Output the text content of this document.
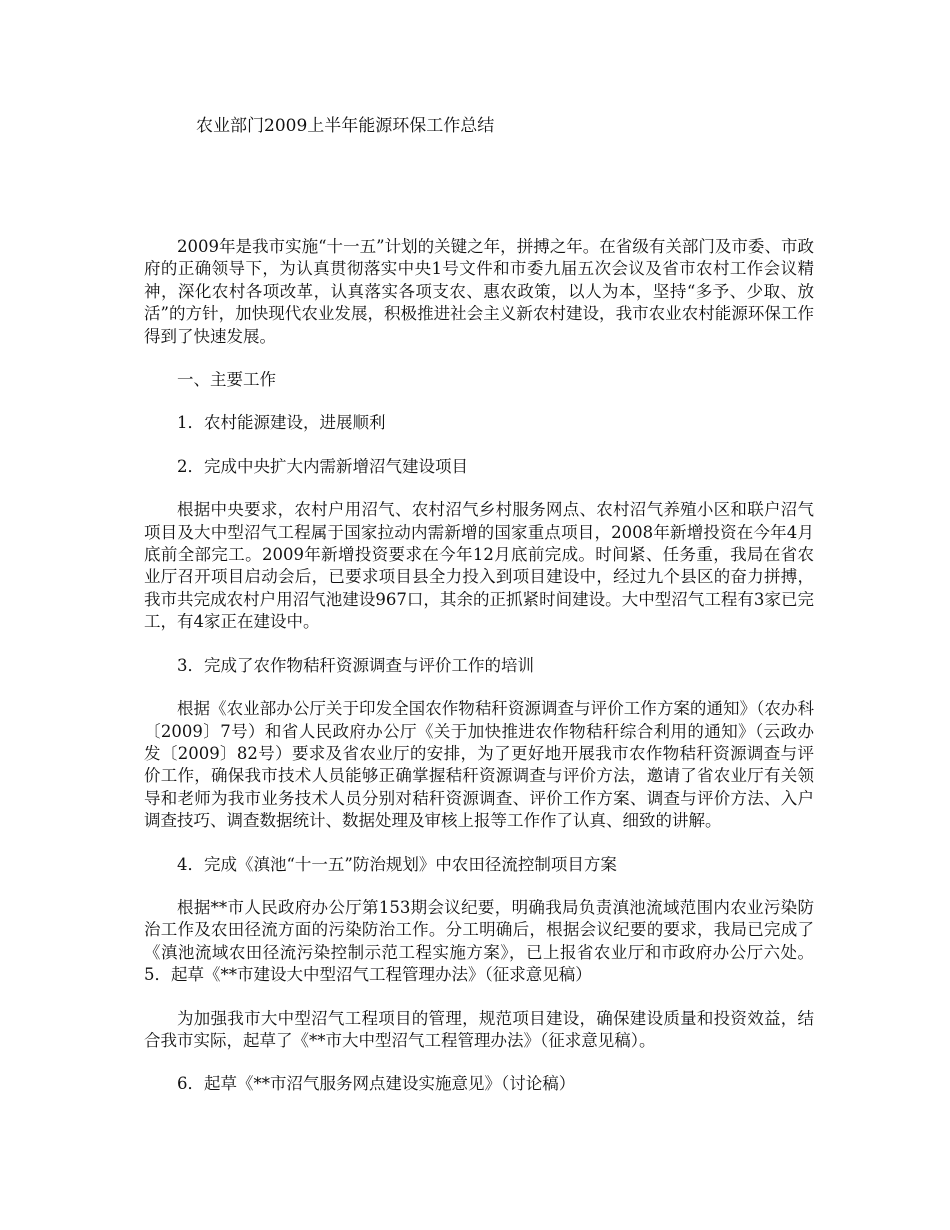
农业部门2009上半年能源环保工作总结

2009年是我市实施“十一五”计划的关键之年，拼搏之年。在省级有关部门及市委、市政府的正确领导下，为认真贯彻落实中央1号文件和市委九届五次会议及省市农村工作会议精神，深化农村各项改革，认真落实各项支农、惠农政策，以人为本，坚持“多予、少取、放活”的方针，加快现代农业发展，积极推进社会主义新农村建设，我市农业农村能源环保工作得到了快速发展。

一、主要工作

1．农村能源建设，进展顺利

2．完成中央扩大内需新增沼气建设项目

根据中央要求，农村户用沼气、农村沼气乡村服务网点、农村沼气养殖小区和联户沼气项目及大中型沼气工程属于国家拉动内需新增的国家重点项目，2008年新增投资在今年4月底前全部完工。2009年新增投资要求在今年12月底前完成。时间紧、任务重，我局在省农业厅召开项目启动会后，已要求项目县全力投入到项目建设中，经过九个县区的奋力拼搏，我市共完成农村户用沼气池建设967口，其余的正抓紧时间建设。大中型沼气工程有3家已完工，有4家正在建设中。

3．完成了农作物秸秆资源调查与评价工作的培训

根据《农业部办公厅关于印发全国农作物秸秆资源调查与评价工作方案的通知》（农办科〔2009〕7号）和省人民政府办公厅《关于加快推进农作物秸秆综合利用的通知》（云政办发〔2009〕82号）要求及省农业厅的安排，为了更好地开展我市农作物秸秆资源调查与评价工作，确保我市技术人员能够正确掌握秸秆资源调查与评价方法，邀请了省农业厅有关领导和老师为我市业务技术人员分别对秸秆资源调查、评价工作方案、调查与评价方法、入户调查技巧、调查数据统计、数据处理及审核上报等工作作了认真、细致的讲解。

4．完成《滇池“十一五”防治规划》中农田径流控制项目方案

根据**市人民政府办公厅第153期会议纪要，明确我局负责滇池流域范围内农业污染防治工作及农田径流方面的污染防治工作。分工明确后，根据会议纪要的要求，我局已完成了《滇池流域农田径流污染控制示范工程实施方案》，已上报省农业厅和市政府办公厅六处。5．起草《**市建设大中型沼气工程管理办法》（征求意见稿）

为加强我市大中型沼气工程项目的管理，规范项目建设，确保建设质量和投资效益，结合我市实际，起草了《**市大中型沼气工程管理办法》（征求意见稿）。

6．起草《**市沼气服务网点建设实施意见》（讨论稿）
